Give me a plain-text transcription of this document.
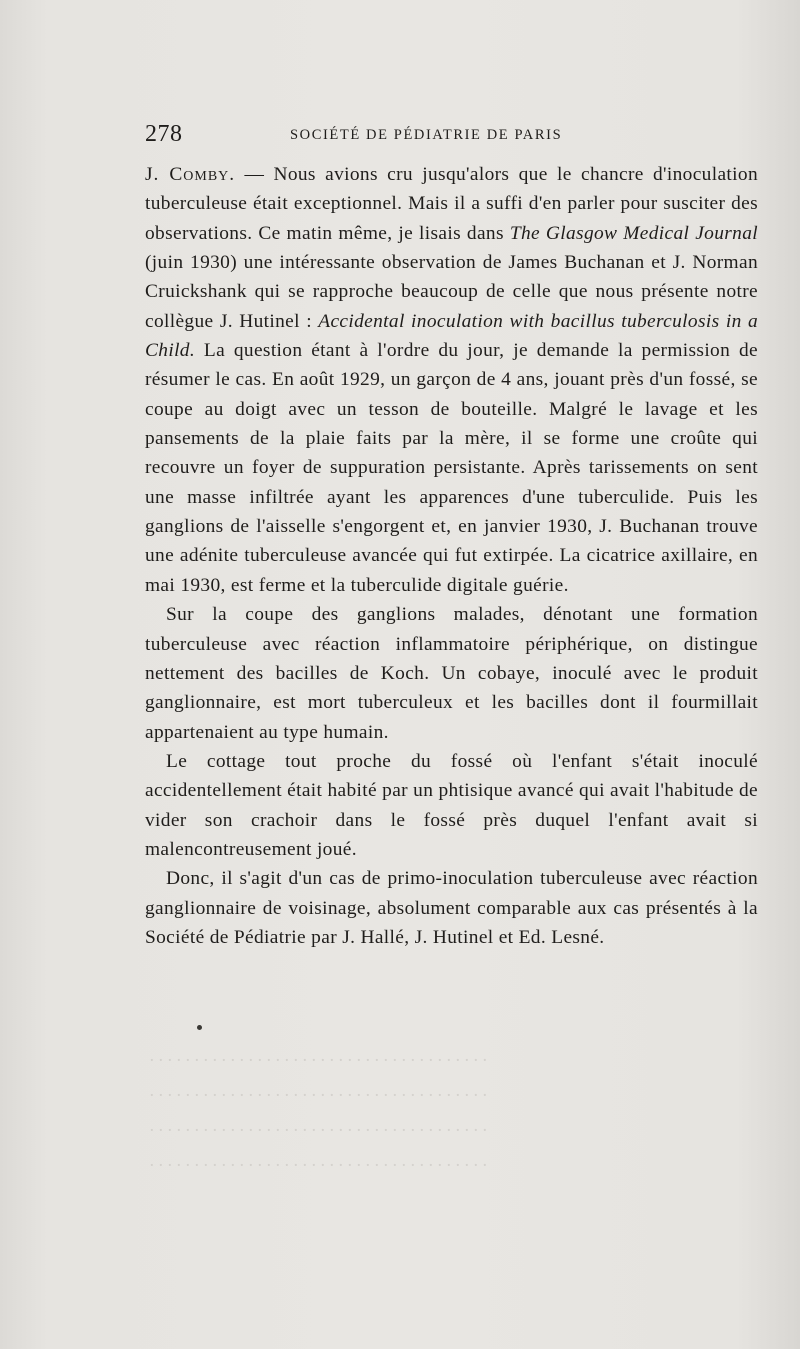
278	SOCIÉTÉ DE PÉDIATRIE DE PARIS

J. Comby. — Nous avions cru jusqu'alors que le chancre d'inoculation tuberculeuse était exceptionnel. Mais il a suffi d'en parler pour susciter des observations. Ce matin même, je lisais dans The Glasgow Medical Journal (juin 1930) une intéressante observation de James Buchanan et J. Norman Cruickshank qui se rapproche beaucoup de celle que nous présente notre collègue J. Hutinel : Accidental inoculation with bacillus tuberculosis in a Child. La question étant à l'ordre du jour, je demande la permission de résumer le cas. En août 1929, un garçon de 4 ans, jouant près d'un fossé, se coupe au doigt avec un tesson de bouteille. Malgré le lavage et les pansements de la plaie faits par la mère, il se forme une croûte qui recouvre un foyer de suppuration persistante. Après tarissements on sent une masse infiltrée ayant les apparences d'une tuberculide. Puis les ganglions de l'aisselle s'engorgent et, en janvier 1930, J. Buchanan trouve une adénite tuberculeuse avancée qui fut extirpée. La cicatrice axillaire, en mai 1930, est ferme et la tuberculide digitale guérie.

Sur la coupe des ganglions malades, dénotant une formation tuberculeuse avec réaction inflammatoire périphérique, on distingue nettement des bacilles de Koch. Un cobaye, inoculé avec le produit ganglionnaire, est mort tuberculeux et les bacilles dont il fourmillait appartenaient au type humain.

Le cottage tout proche du fossé où l'enfant s'était inoculé accidentellement était habité par un phtisique avancé qui avait l'habitude de vider son crachoir dans le fossé près duquel l'enfant avait si malencontreusement joué.

Donc, il s'agit d'un cas de primo-inoculation tuberculeuse avec réaction ganglionnaire de voisinage, absolument comparable aux cas présentés à la Société de Pédiatrie par J. Hallé, J. Hutinel et Ed. Lesné.

. . . . . . . . . . . . . . . . . . . . . . . . . . . . . . . . . . . . . .
. . . . . . . . . . . . . . . . . . . . . . . . . . . . . . . . . . . . . .
. . . . . . . . . . . . . . . . . . . . . . . . . . . . . . . . . . . . . .
. . . . . . . . . . . . . . . . . . . . . . . . . . . . . . . . . . . . . .
